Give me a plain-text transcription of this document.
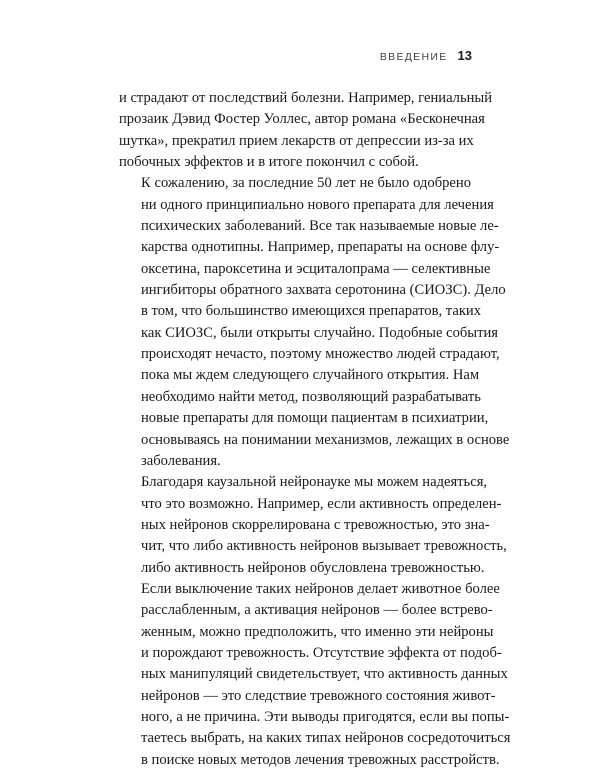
ВВЕДЕНИЕ 13

и страдают от последствий болезни. Например, гениальный
прозаик Дэвид Фостер Уоллес, автор романа «Бесконечная
шутка», прекратил прием лекарств от депрессии из-за их
побочных эффектов и в итоге покончил с собой.

К сожалению, за последние 50 лет не было одобрено
ни одного принципиально нового препарата для лечения
психических заболеваний. Все так называемые новые ле-
карства однотипны. Например, препараты на основе флу-
оксетина, пароксетина и эсциталопрама — селективные
ингибиторы обратного захвата серотонина (СИОЗС). Дело
в том, что большинство имеющихся препаратов, таких
как СИОЗС, были открыты случайно. Подобные события
происходят нечасто, поэтому множество людей страдают,
пока мы ждем следующего случайного открытия. Нам
необходимо найти метод, позволяющий разрабатывать
новые препараты для помощи пациентам в психиатрии,
основываясь на понимании механизмов, лежащих в основе
заболевания.

Благодаря каузальной нейронауке мы можем надеяться,
что это возможно. Например, если активность определен-
ных нейронов скоррелирована с тревожностью, это зна-
чит, что либо активность нейронов вызывает тревожность,
либо активность нейронов обусловлена тревожностью.
Если выключение таких нейронов делает животное более
расслабленным, а активация нейронов — более встрево-
женным, можно предположить, что именно эти нейроны
и порождают тревожность. Отсутствие эффекта от подоб-
ных манипуляций свидетельствует, что активность данных
нейронов — это следствие тревожного состояния живот-
ного, а не причина. Эти выводы пригодятся, если вы попы-
таетесь выбрать, на каких типах нейронов сосредоточиться
в поиске новых методов лечения тревожных расстройств.
